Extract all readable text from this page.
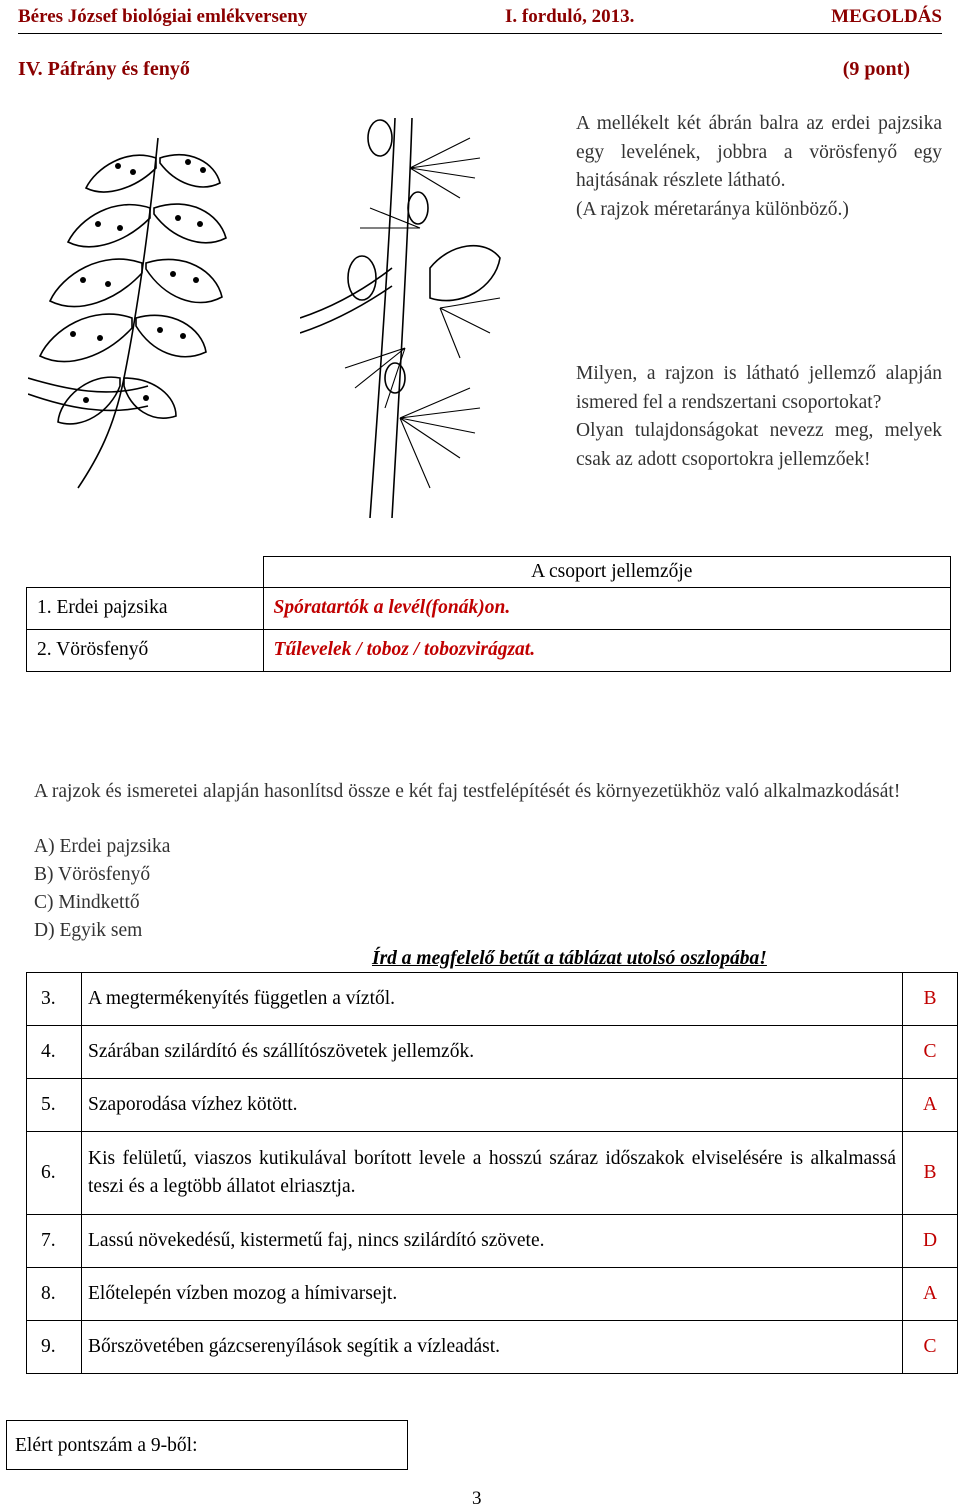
Béres József biológiai emlékverseny	I. forduló, 2013.	MEGOLDÁS
IV. Páfrány és fenyő	(9 pont)

A mellékelt két ábrán balra az erdei pajzsika egy levelének, jobbra a vörösfenyő egy hajtásának részlete látható.

(A rajzok méretaránya különböző.)

Milyen, a rajzon is látható jellemző alapján ismered fel a rendszertani csoportokat?

Olyan tulajdonságokat nevezz meg, melyek csak az adott csoportokra jellemzőek!

	A csoport jellemzője
1. Erdei pajzsika	Spóratartók a levél(fonák)on.
2. Vörösfenyő	Tűlevelek / toboz / tobozvirágzat.
A rajzok és ismeretei alapján hasonlítsd össze e két faj testfelépítését és környezetükhöz való alkalmazkodását!
A) Erdei pajzsika
B) Vörösfenyő
C) Mindkettő
D) Egyik sem
Írd a megfelelő betűt a táblázat utolsó oszlopába!
3.	A megtermékenyítés független a víztől.	B
4.	Szárában szilárdító és szállítószövetek jellemzők.	C
5.	Szaporodása vízhez kötött.	A
6.	Kis felületű, viaszos kutikulával borított levele a hosszú száraz időszakok elviselésére is alkalmassá teszi és a legtöbb állatot elriasztja.	B
7.	Lassú növekedésű, kistermetű faj, nincs szilárdító szövete.	D
8.	Előtelepén vízben mozog a hímivarsejt.	A
9.	Bőrszövetében gázcserenyílások segítik a vízleadást.	C
Elért pontszám a 9-ből:
3
